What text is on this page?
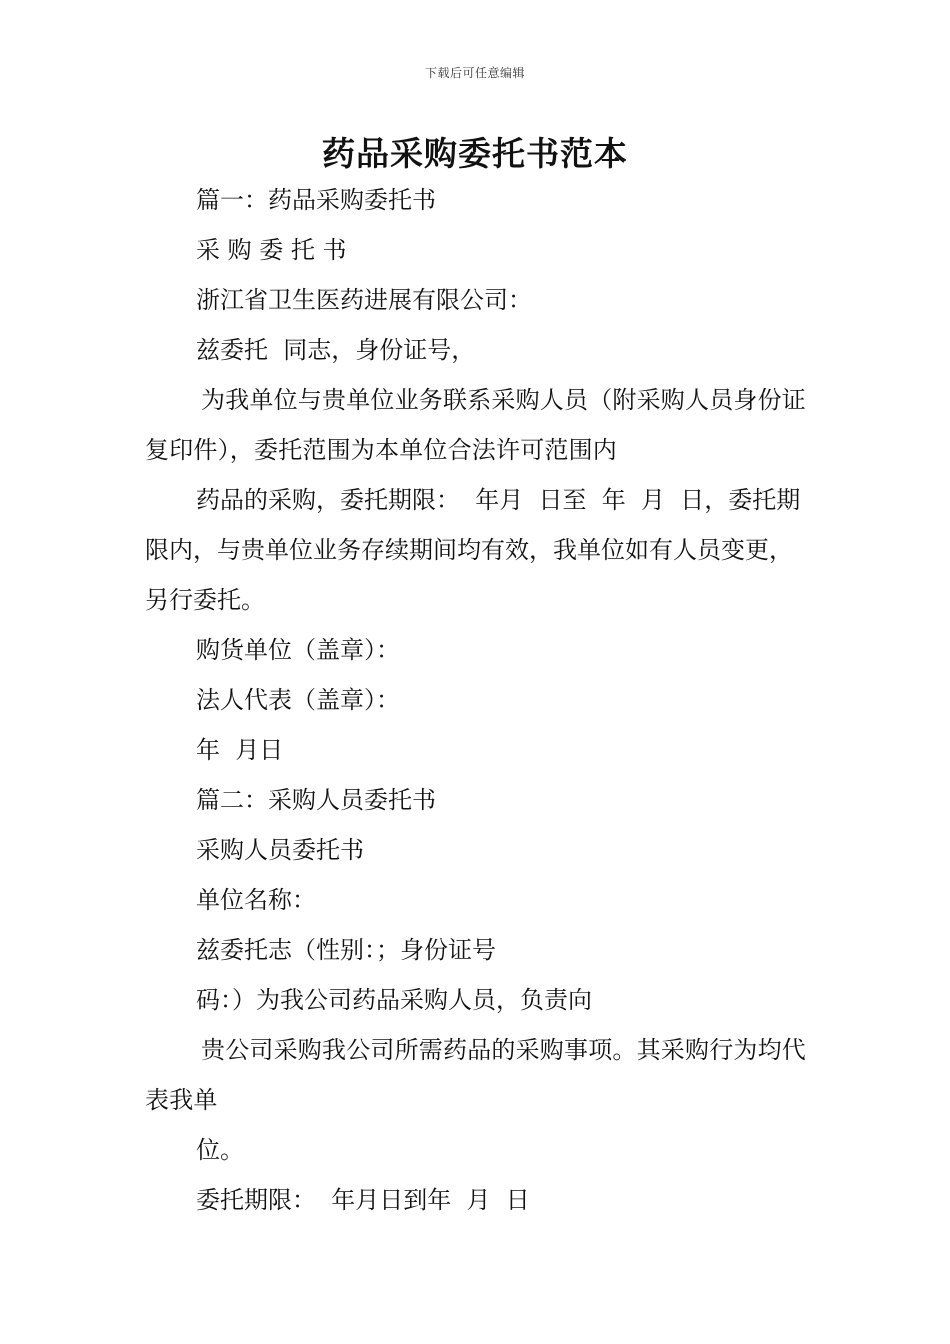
下载后可任意编辑
药品采购委托书范本

篇一：药品采购委托书

采 购 委 托 书

浙江省卫生医药进展有限公司：

兹委托  同志，身份证号，

为我单位与贵单位业务联系采购人员（附采购人员身份证复印件），委托范围为本单位合法许可范围内

药品的采购，委托期限：  年月  日至  年  月  日，委托期限内，与贵单位业务存续期间均有效，我单位如有人员变更，另行委托。

购货单位（盖章）：

法人代表（盖章）：

年  月日

篇二：采购人员委托书

采购人员委托书

单位名称：

兹委托志（性别：；身份证号

码：）为我公司药品采购人员，负责向

贵公司采购我公司所需药品的采购事项。其采购行为均代表我单

位。

委托期限：  年月日到年  月  日
